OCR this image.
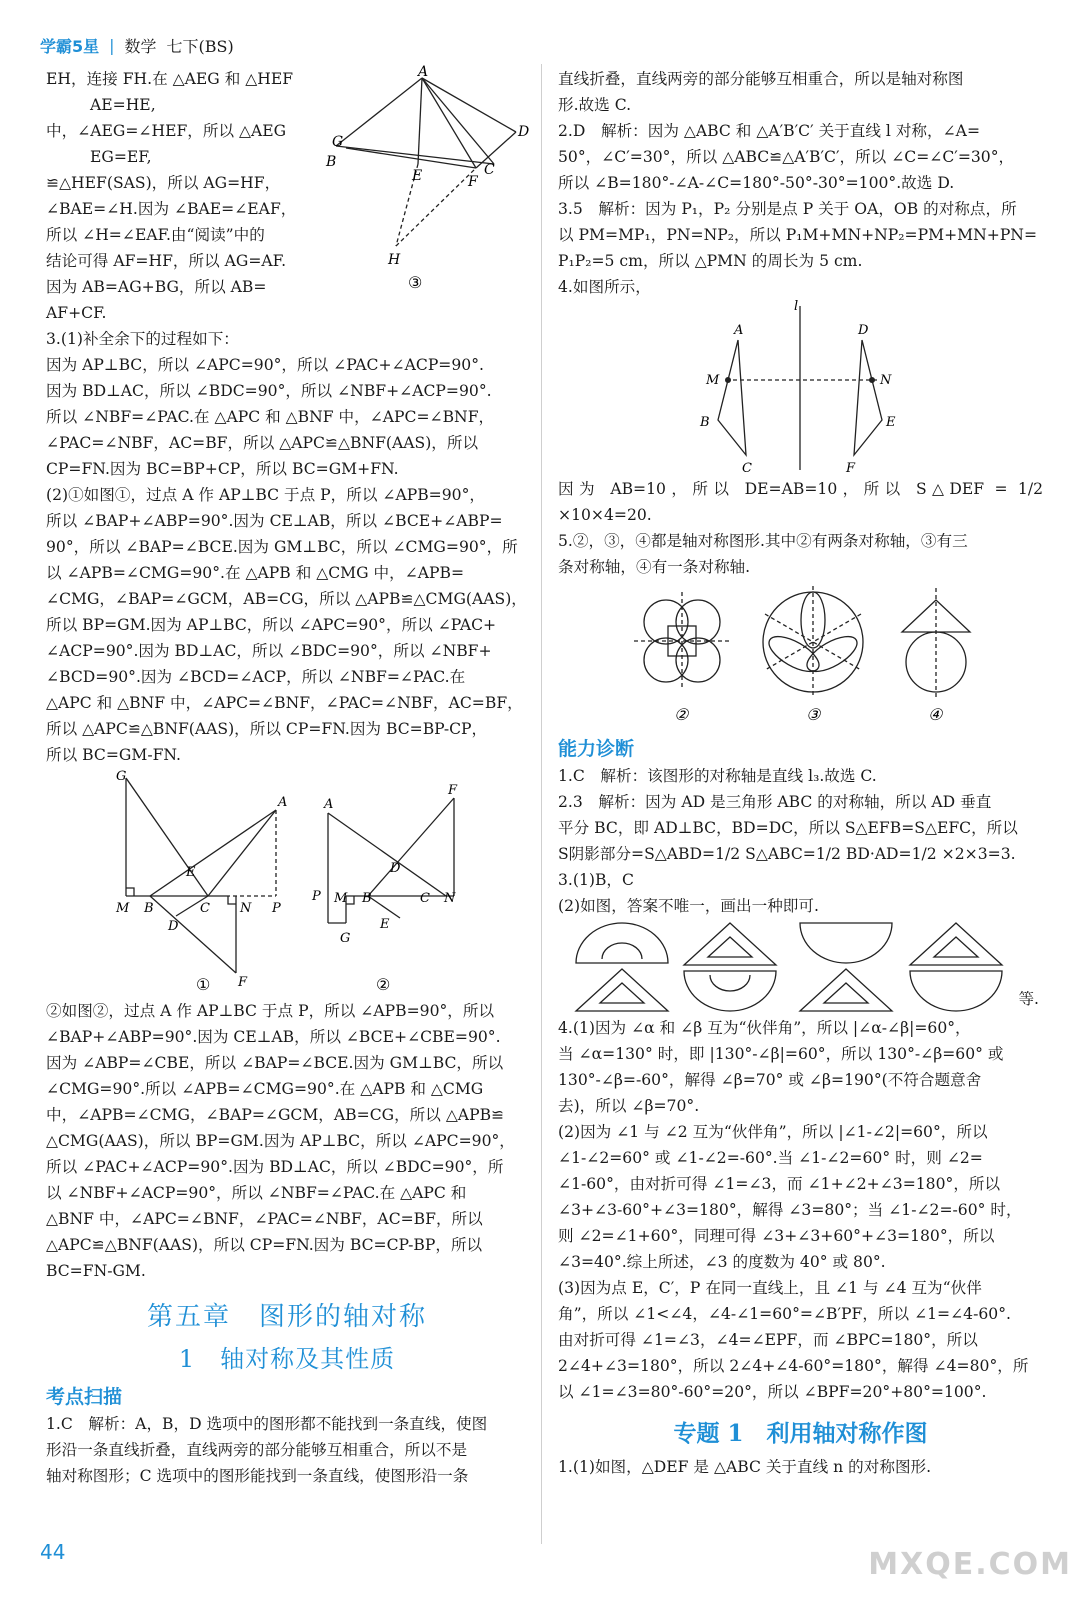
学霸5星 | 数学 七下(BS)

EH，连接 FH.在 △AEG 和 △HEF

AE=HE,

中，∠AEG=∠HEF，所以 △AEG

EG=EF,

≌△HEF(SAS)，所以 AG=HF，

∠BAE=∠H.因为 ∠BAE=∠EAF，

所以 ∠H=∠EAF.由“阅读”中的

结论可得 AF=HF，所以 AG=AF.

因为 AB=AG+BG，所以 AB=

AF+CF.

A
B	C
D
E	F
G
H
③

3.(1)补全余下的过程如下：

因为 AP⊥BC，所以 ∠APC=90°，所以 ∠PAC+∠ACP=90°.

因为 BD⊥AC，所以 ∠BDC=90°，所以 ∠NBF+∠ACP=90°.

所以 ∠NBF=∠PAC.在 △APC 和 △BNF 中，∠APC=∠BNF，

∠PAC=∠NBF，AC=BF，所以 △APC≌△BNF(AAS)，所以

CP=FN.因为 BC=BP+CP，所以 BC=GM+FN.

(2)①如图①，过点 A 作 AP⊥BC 于点 P，所以 ∠APB=90°，

所以 ∠BAP+∠ABP=90°.因为 CE⊥AB，所以 ∠BCE+∠ABP=

90°，所以 ∠BAP=∠BCE.因为 GM⊥BC，所以 ∠CMG=90°，所

以 ∠APB=∠CMG=90°.在 △APB 和 △CMG 中，∠APB=

∠CMG，∠BAP=∠GCM，AB=CG，所以 △APB≌△CMG(AAS)，

所以 BP=GM.因为 AP⊥BC，所以 ∠APC=90°，所以 ∠PAC+

∠ACP=90°.因为 BD⊥AC，所以 ∠BDC=90°，所以 ∠NBF+

∠BCD=90°.因为 ∠BCD=∠ACP，所以 ∠NBF=∠PAC.在

△APC 和 △BNF 中，∠APC=∠BNF，∠PAC=∠NBF，AC=BF，

所以 △APC≌△BNF(AAS)，所以 CP=FN.因为 BC=BP-CP，

所以 BC=GM-FN.

G
A
E
M B	C N P
D
F
A
F
D
P M B	C N
E
G
①	②

②如图②，过点 A 作 AP⊥BC 于点 P，所以 ∠APB=90°，所以

∠BAP+∠ABP=90°.因为 CE⊥AB，所以 ∠BCE+∠CBE=90°.

因为 ∠ABP=∠CBE，所以 ∠BAP=∠BCE.因为 GM⊥BC，所以

∠CMG=90°.所以 ∠APB=∠CMG=90°.在 △APB 和 △CMG

中，∠APB=∠CMG，∠BAP=∠GCM，AB=CG，所以 △APB≌

△CMG(AAS)，所以 BP=GM.因为 AP⊥BC，所以 ∠APC=90°，

所以 ∠PAC+∠ACP=90°.因为 BD⊥AC，所以 ∠BDC=90°，所

以 ∠NBF+∠ACP=90°，所以 ∠NBF=∠PAC.在 △APC 和

△BNF 中，∠APC=∠BNF，∠PAC=∠NBF，AC=BF，所以

△APC≌△BNF(AAS)，所以 CP=FN.因为 BC=CP-BP，所以

BC=FN-GM.

第五章　图形的轴对称
1　轴对称及其性质
考点扫描

1.C　解析：A，B，D 选项中的图形都不能找到一条直线，使图

形沿一条直线折叠，直线两旁的部分能够互相重合，所以不是

轴对称图形；C 选项中的图形能找到一条直线，使图形沿一条

直线折叠，直线两旁的部分能够互相重合，所以是轴对称图

形.故选 C.

2.D　解析：因为 △ABC 和 △A′B′C′ 关于直线 l 对称，∠A=

50°，∠C′=30°，所以 △ABC≌△A′B′C′，所以 ∠C=∠C′=30°，

所以 ∠B=180°-∠A-∠C=180°-50°-30°=100°.故选 D.

3.5　解析：因为 P₁，P₂ 分别是点 P 关于 OA，OB 的对称点，所

以 PM=MP₁，PN=NP₂，所以 P₁M+MN+NP₂=PM+MN+PN=

P₁P₂=5 cm，所以 △PMN 的周长为 5 cm.

4.如图所示，

l
A
B
C
M
D
E
F
N

因为 AB=10，所以 DE=AB=10，所以 S△DEF = 1/2 ×10×4=20.

5.②，③，④都是轴对称图形.其中②有两条对称轴，③有三

条对称轴，④有一条对称轴.

②	③	④
能力诊断

1.C　解析：该图形的对称轴是直线 l₃.故选 C.

2.3　解析：因为 AD 是三角形 ABC 的对称轴，所以 AD 垂直

平分 BC，即 AD⊥BC，BD=DC，所以 S△EFB=S△EFC，所以

S阴影部分=S△ABD=1/2 S△ABC=1/2 BD·AD=1/2 ×2×3=3.

3.(1)B，C

(2)如图，答案不唯一，画出一种即可.

等.

4.(1)因为 ∠α 和 ∠β 互为“伙伴角”，所以 |∠α-∠β|=60°，

当 ∠α=130° 时，即 |130°-∠β|=60°，所以 130°-∠β=60° 或

130°-∠β=-60°，解得 ∠β=70° 或 ∠β=190°(不符合题意舍

去)，所以 ∠β=70°.

(2)因为 ∠1 与 ∠2 互为“伙伴角”，所以 |∠1-∠2|=60°，所以

∠1-∠2=60° 或 ∠1-∠2=-60°.当 ∠1-∠2=60° 时，则 ∠2=

∠1-60°，由对折可得 ∠1=∠3，而 ∠1+∠2+∠3=180°，所以

∠3+∠3-60°+∠3=180°，解得 ∠3=80°；当 ∠1-∠2=-60° 时，

则 ∠2=∠1+60°，同理可得 ∠3+∠3+60°+∠3=180°，所以

∠3=40°.综上所述，∠3 的度数为 40° 或 80°.

(3)因为点 E，C′，P 在同一直线上，且 ∠1 与 ∠4 互为“伙伴

角”，所以 ∠1<∠4，∠4-∠1=60°=∠B′PF，所以 ∠1=∠4-60°.

由对折可得 ∠1=∠3，∠4=∠EPF，而 ∠BPC=180°，所以

2∠4+∠3=180°，所以 2∠4+∠4-60°=180°，解得 ∠4=80°，所

以 ∠1=∠3=80°-60°=20°，所以 ∠BPF=20°+80°=100°.

专题 1　利用轴对称作图

1.(1)如图，△DEF 是 △ABC 关于直线 n 的对称图形.

44	MXQE.COM
